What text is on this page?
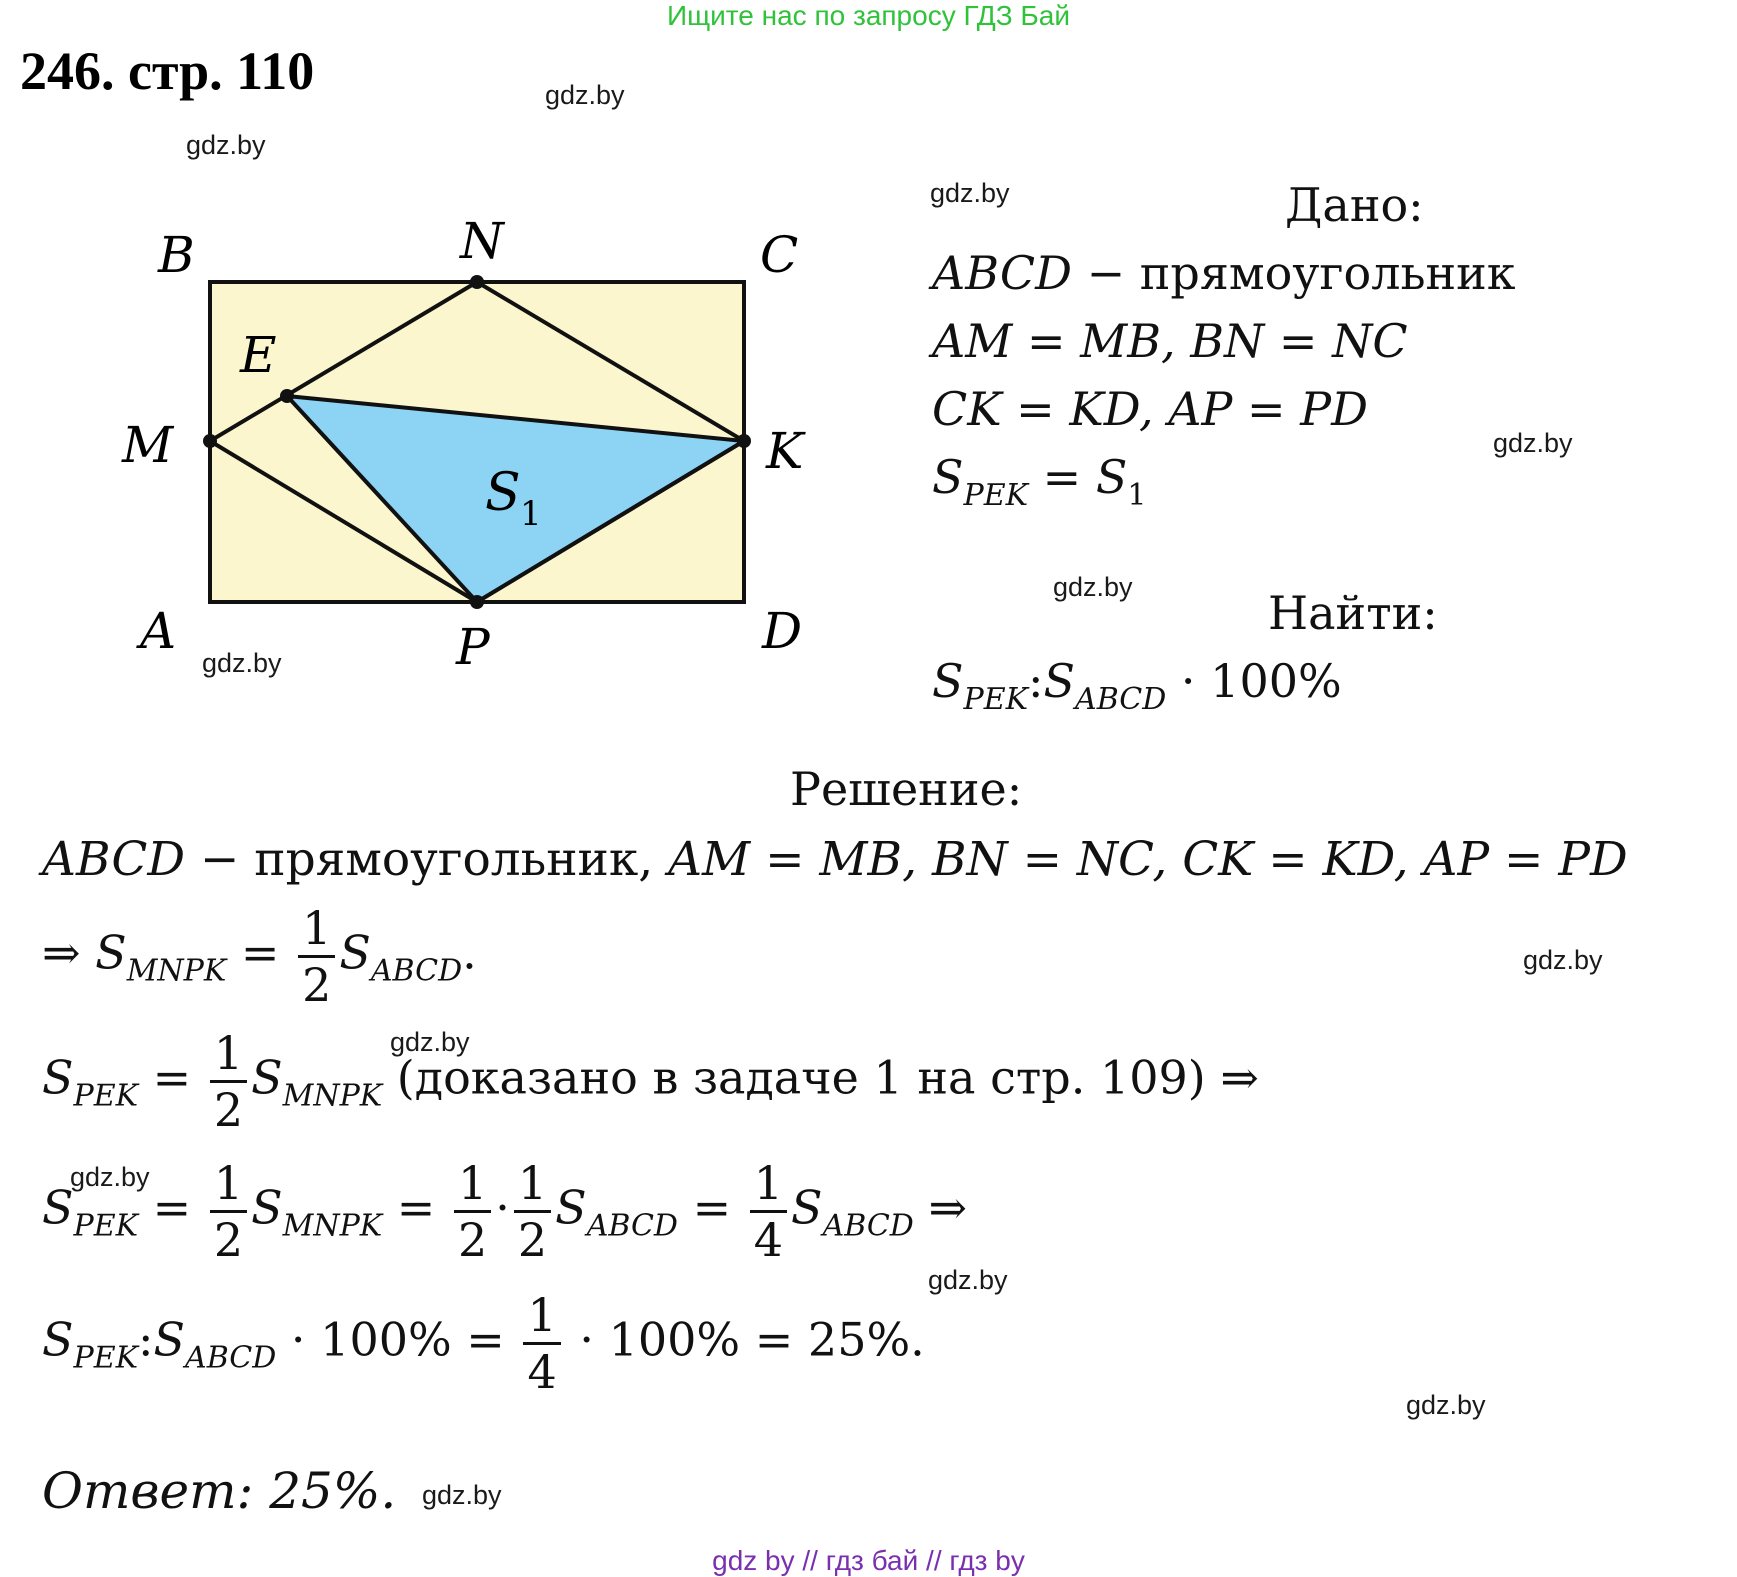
Ищите нас по запросу ГДЗ Бай
246. стр. 110	gdz.by
gdz.by
gdz.by
gdz.by
gdz.by
gdz.by
gdz.by
gdz.by
gdz.by
gdz.by
gdz.by
gdz.by
B	N	C
E
M	K
A	P	D
S 1
Дано:
ABCD − прямоугольник
AM = MB, BN = NC
CK = KD, AP = PD
$S_{PEK} = S_1$
Найти:
$S_{PEK}:S_{ABCD} \cdot 100\%$
Решение:
ABCD − прямоугольник, AM = MB, BN = NC, CK = KD, AP = PD
⇒ $S_{MNPK} = \frac{1}{2} S_{ABCD}$.
$S_{PEK} = \frac{1}{2} S_{MNPK}$ (доказано в задаче 1 на стр. 109) ⇒
$S_{PEK} = \frac{1}{2} S_{MNPK} = \frac{1}{2} \cdot \frac{1}{2} S_{ABCD} = \frac{1}{4} S_{ABCD}$ ⇒
$S_{PEK}:S_{ABCD} \cdot 100\% = \frac{1}{4} \cdot 100\% = 25\%$.
Ответ: 25%.
gdz by // гдз бай // гдз by
